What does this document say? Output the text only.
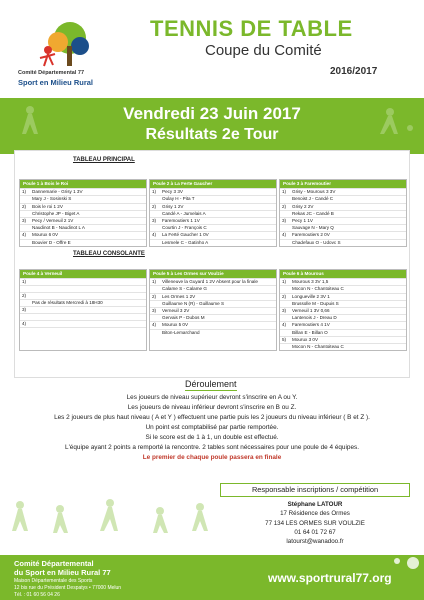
Comité Départemental 77
Sport en Milieu Rural
TENNIS DE TABLE
Coupe du Comité
2016/2017
Vendredi 23 Juin 2017
Résultats 2e Tour
TABLEAU PRINCIPAL
Poule 1 à Bois le Roi
1)	Dannemarie - Grisy 1 3V
Mary J - Sosinski S
2)	Bois le roi 1 2V
Christophe JP - Biget A
3)	Pecy / Verneuil 2 1V
Naudinot B - Naudinot L A
4)	Mourux 6 0V
Bouvier D - Offre E
Poule 2 à La Ferte Gaucher
1)	Pecy 3 3V
Oulay H - Pita T
2)	Grisy 1 2V
Candé A - Jumelais A
3)	Faremoutiers 1 1V
Courtin J - François C
4)	La Ferté Gaucher 1 0V
Lesmele C - Gatinho A
Poule 3 à Faremoutier
1)	Grisy - Mourous 3 3V
Benoist J - Candé C
2)	Grisy 2 2V
Rekas JC - Candé B
3)	Pecy 1 1V
Sauvage N - Mary Q
4)	Faremoutiers 2 0V
Chadefaux O - Udovc S
TABLEAU CONSOLANTE
Poule 4 à Verneuil
1)
2)
Pas de résultats Mercredi à 18H30
3)
4)
Poule 5 à Les Ormes sur Voulzie
1)	Villeneuve la Guyard 1 2V Absent pour la finale
Calame S - Calame G
2)	Les Ormes 1 2V
Guillaume N (R) - Guillaume S
3)	Verneuil 3 2V
Gervais P - Dubos M
4)	Mourux 5 0V
Biton-Lemarchand
Poule 6 à Mourous
1)	Mourous 3 3V 1,5
Mocon N - Chantoiteau C
2)	Longueville 2 3V 1
Brussolle M - Dupuis S
3)	Verneuil 1 3V 0,66
Lantenois J - Dreau D
4)	Faremoutiers 4 1V
Billan E - Billan O
5)	Mourux 3 0V
Mocon N - Chantoiteau C
Déroulement
Les joueurs de niveau supérieur devront s'inscrire en A ou Y.
Les joueurs de niveau inférieur devront s'inscrire en B ou Z.
Les 2 joueurs de plus haut niveau ( A et Y ) effectuent une partie puis les 2 joueurs du niveau inférieur ( B et Z ).
Un point est comptabilisé par partie remportée.
Si le score est de 1 à 1, un double est effectué.
L'équipe ayant 2 points a remporté la rencontre. 2 tables sont nécessaires pour une poule de 4 équipes.
Le premier de chaque poule passera en finale
Responsable inscriptions / compétition
Stéphane LATOUR
17 Résidence des Ormes
77 134 LES ORMES SUR VOULZIE
01 64 01 72 67
latourst@wanadoo.fr
Comité Départemental
du Sport en Milieu Rural 77
Maison Départementale des Sports
12 bis rue du Président Despatys • 77000 Melun
Tél. : 01 60 56 04 26
www.sportrural77.org
